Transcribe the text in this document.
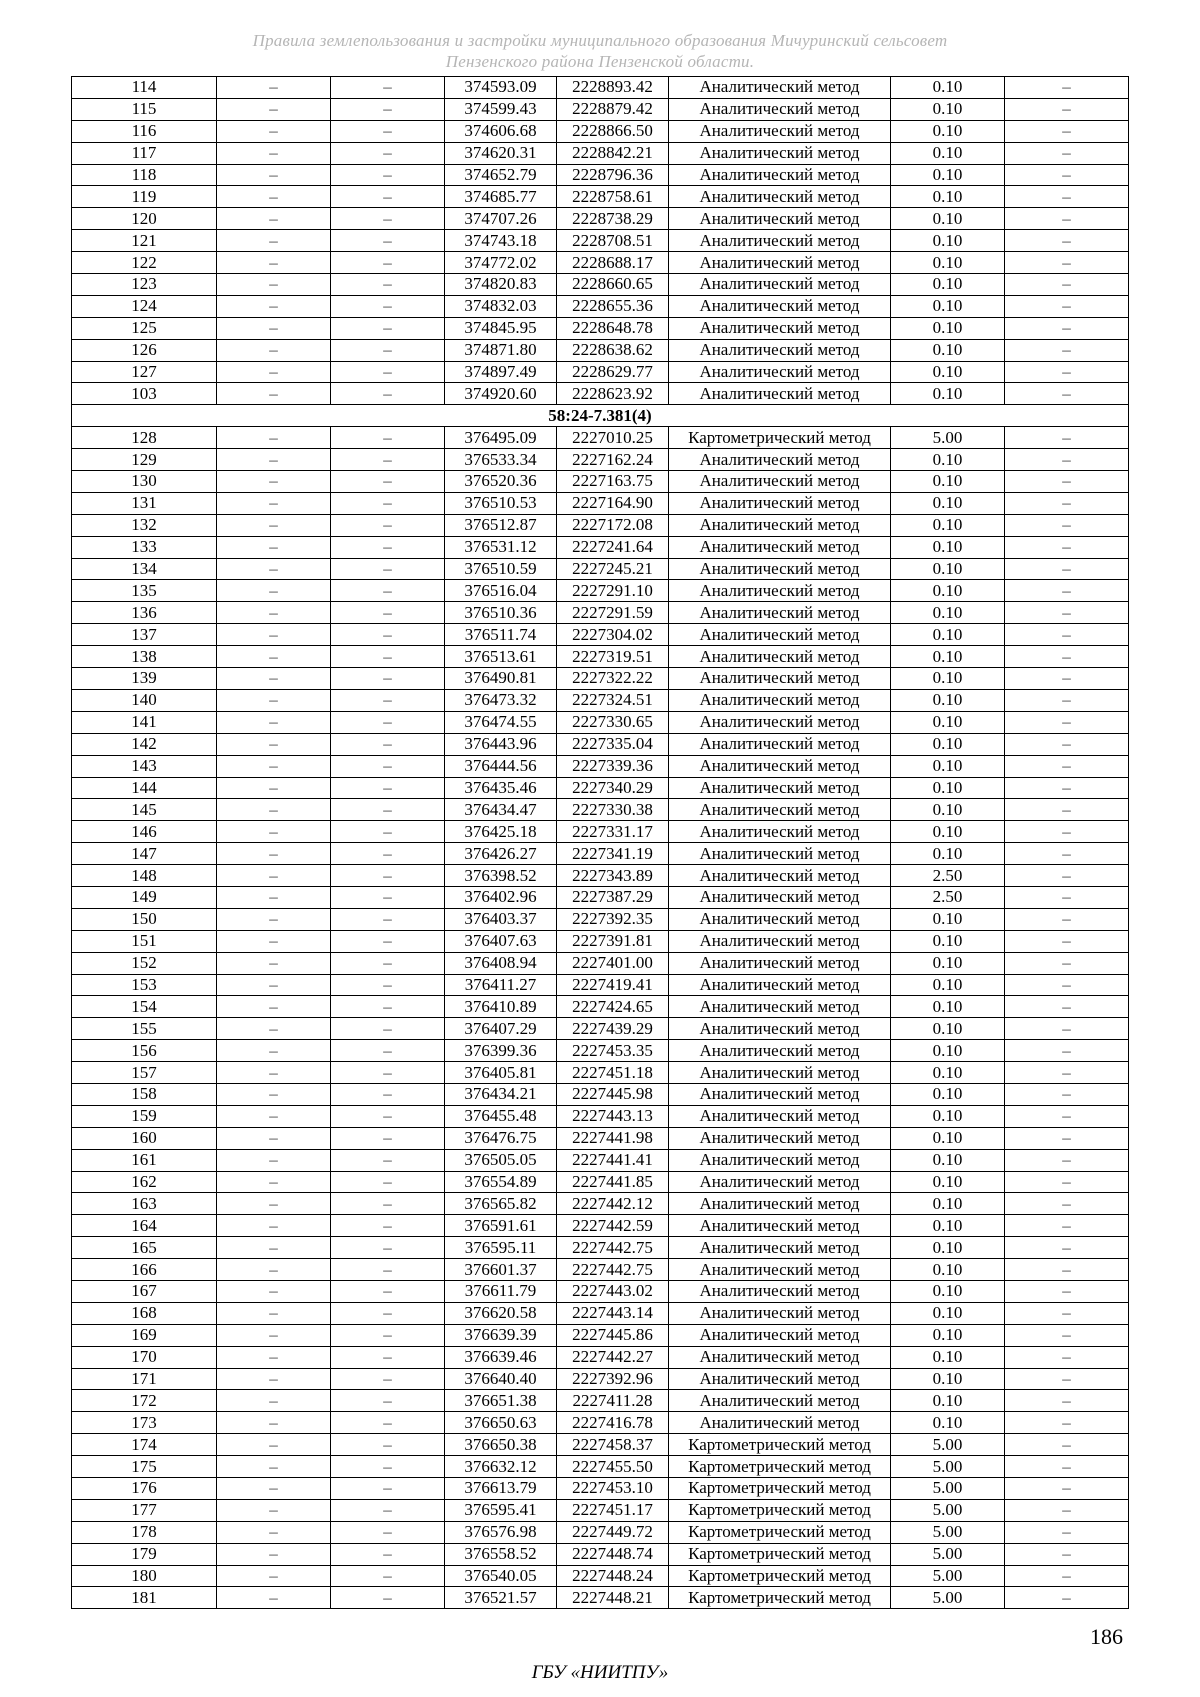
Правила землепользования и застройки муниципального образования Мичуринский сельсовет
Пензенского района Пензенской области.
114	–	–	374593.09	2228893.42	Аналитический метод	0.10	–
115	–	–	374599.43	2228879.42	Аналитический метод	0.10	–
116	–	–	374606.68	2228866.50	Аналитический метод	0.10	–
117	–	–	374620.31	2228842.21	Аналитический метод	0.10	–
118	–	–	374652.79	2228796.36	Аналитический метод	0.10	–
119	–	–	374685.77	2228758.61	Аналитический метод	0.10	–
120	–	–	374707.26	2228738.29	Аналитический метод	0.10	–
121	–	–	374743.18	2228708.51	Аналитический метод	0.10	–
122	–	–	374772.02	2228688.17	Аналитический метод	0.10	–
123	–	–	374820.83	2228660.65	Аналитический метод	0.10	–
124	–	–	374832.03	2228655.36	Аналитический метод	0.10	–
125	–	–	374845.95	2228648.78	Аналитический метод	0.10	–
126	–	–	374871.80	2228638.62	Аналитический метод	0.10	–
127	–	–	374897.49	2228629.77	Аналитический метод	0.10	–
103	–	–	374920.60	2228623.92	Аналитический метод	0.10	–
58:24-7.381(4)							
128	–	–	376495.09	2227010.25	Картометрический метод	5.00	–
129	–	–	376533.34	2227162.24	Аналитический метод	0.10	–
130	–	–	376520.36	2227163.75	Аналитический метод	0.10	–
131	–	–	376510.53	2227164.90	Аналитический метод	0.10	–
132	–	–	376512.87	2227172.08	Аналитический метод	0.10	–
133	–	–	376531.12	2227241.64	Аналитический метод	0.10	–
134	–	–	376510.59	2227245.21	Аналитический метод	0.10	–
135	–	–	376516.04	2227291.10	Аналитический метод	0.10	–
136	–	–	376510.36	2227291.59	Аналитический метод	0.10	–
137	–	–	376511.74	2227304.02	Аналитический метод	0.10	–
138	–	–	376513.61	2227319.51	Аналитический метод	0.10	–
139	–	–	376490.81	2227322.22	Аналитический метод	0.10	–
140	–	–	376473.32	2227324.51	Аналитический метод	0.10	–
141	–	–	376474.55	2227330.65	Аналитический метод	0.10	–
142	–	–	376443.96	2227335.04	Аналитический метод	0.10	–
143	–	–	376444.56	2227339.36	Аналитический метод	0.10	–
144	–	–	376435.46	2227340.29	Аналитический метод	0.10	–
145	–	–	376434.47	2227330.38	Аналитический метод	0.10	–
146	–	–	376425.18	2227331.17	Аналитический метод	0.10	–
147	–	–	376426.27	2227341.19	Аналитический метод	0.10	–
148	–	–	376398.52	2227343.89	Аналитический метод	2.50	–
149	–	–	376402.96	2227387.29	Аналитический метод	2.50	–
150	–	–	376403.37	2227392.35	Аналитический метод	0.10	–
151	–	–	376407.63	2227391.81	Аналитический метод	0.10	–
152	–	–	376408.94	2227401.00	Аналитический метод	0.10	–
153	–	–	376411.27	2227419.41	Аналитический метод	0.10	–
154	–	–	376410.89	2227424.65	Аналитический метод	0.10	–
155	–	–	376407.29	2227439.29	Аналитический метод	0.10	–
156	–	–	376399.36	2227453.35	Аналитический метод	0.10	–
157	–	–	376405.81	2227451.18	Аналитический метод	0.10	–
158	–	–	376434.21	2227445.98	Аналитический метод	0.10	–
159	–	–	376455.48	2227443.13	Аналитический метод	0.10	–
160	–	–	376476.75	2227441.98	Аналитический метод	0.10	–
161	–	–	376505.05	2227441.41	Аналитический метод	0.10	–
162	–	–	376554.89	2227441.85	Аналитический метод	0.10	–
163	–	–	376565.82	2227442.12	Аналитический метод	0.10	–
164	–	–	376591.61	2227442.59	Аналитический метод	0.10	–
165	–	–	376595.11	2227442.75	Аналитический метод	0.10	–
166	–	–	376601.37	2227442.75	Аналитический метод	0.10	–
167	–	–	376611.79	2227443.02	Аналитический метод	0.10	–
168	–	–	376620.58	2227443.14	Аналитический метод	0.10	–
169	–	–	376639.39	2227445.86	Аналитический метод	0.10	–
170	–	–	376639.46	2227442.27	Аналитический метод	0.10	–
171	–	–	376640.40	2227392.96	Аналитический метод	0.10	–
172	–	–	376651.38	2227411.28	Аналитический метод	0.10	–
173	–	–	376650.63	2227416.78	Аналитический метод	0.10	–
174	–	–	376650.38	2227458.37	Картометрический метод	5.00	–
175	–	–	376632.12	2227455.50	Картометрический метод	5.00	–
176	–	–	376613.79	2227453.10	Картометрический метод	5.00	–
177	–	–	376595.41	2227451.17	Картометрический метод	5.00	–
178	–	–	376576.98	2227449.72	Картометрический метод	5.00	–
179	–	–	376558.52	2227448.74	Картометрический метод	5.00	–
180	–	–	376540.05	2227448.24	Картометрический метод	5.00	–
181	–	–	376521.57	2227448.21	Картометрический метод	5.00	–
186
ГБУ «НИИТПУ»
